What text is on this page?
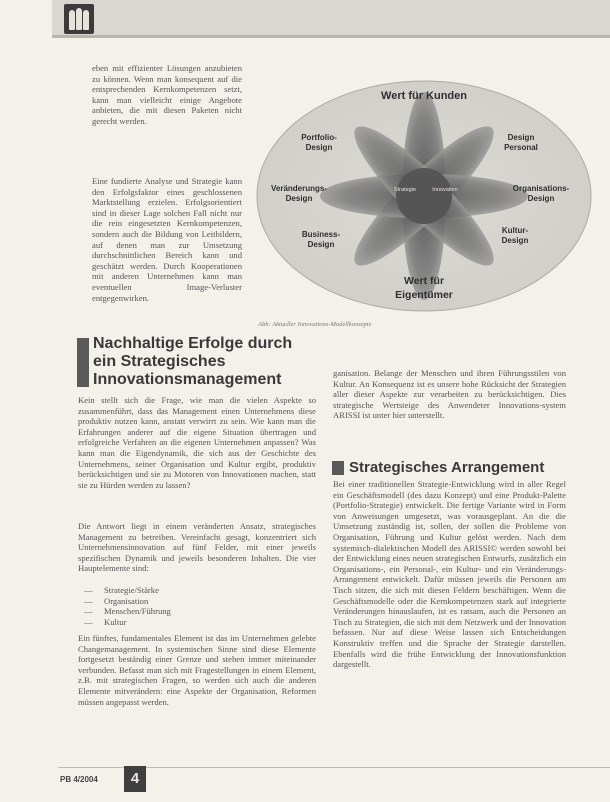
eben mit effizienter Lösungen anzubieten zu können. Wenn man konsequent auf die entsprechenden Kernkompetenzen setzt, kann man vielleicht einige Angebote anbieten, die mit diesen Paketen nicht gerecht werden.
Eine fundierte Analyse und Strategie kann den Erfolgsfaktor eines geschlossenen Marktstellung erzielen. Erfolgsorientiert sind in dieser Lage solchen Fall nicht nur die rein eingesetzten Kernkompetenzen, sondern auch die Bildung von Leitbildern, auf denen man zur Umsetzung durchschnittlichen Bereich kann und geschätzt werden. Durch Kooperationen mit anderen Unternehmen kann man eventuellen Image-Verluster entgegenwirken.
Wert für Kunden
Wert für
Eigentümer
Portfolio-
Design
Veränderungs-
Design
Business-
Design
Design
Personal
Organisations-
Design
Kultur-
Design
Strategie	Innovation
Abb: Aktueller Innovations-Modellkonzepte
Nachhaltige Erfolge durch ein Strategisches Innovationsmanagement
Kein stellt sich die Frage, wie man die vielen Aspekte so zusammenführt, dass das Management einen Unternehmens diese produktiv nutzen kann, anstatt verwirrt zu sein. Wie kann man die Erfahrungen anderer auf die eigene Situation übertragen und erfolgreiche Verfahren an die eigenen Unternehmen anpassen? Was kann man die Eigendynamik, die sich aus der Geschichte des Unternehmens, seiner Organisation und Kultur ergibt, produktiv berücksichtigen und sie zu Motoren von Innovationen machen, statt sie zu Hürden werden zu lassen?
Die Antwort liegt in einem veränderten Ansatz, strategisches Management zu betreiben. Vereinfacht gesagt, konzentriert sich Unternehmensinnovation auf fünf Felder, mit einer jeweils spezifischen Dynamik und jeweils besonderen Inhalten. Die vier Hauptelemente sind:
— Strategie/Stärke
— Organisation
— Menschen/Führung
— Kultur
Ein fünftes, fundamentales Element ist das im Unternehmen gelebte Changemanagement. In systemischen Sinne sind diese Elemente fortgesetzt beständig einer Grenze und stehen immer miteinander verbunden. Befasst man sich mit Fragestellungen in einem Element, z.B. mit strategischen Fragen, so werden sich auch die anderen Elemente mitverändern: eine Aspekte der Organisation, Reformen müssen angepasst werden.
ganisation. Belange der Menschen und ihren Führungsstilen von Kultur. An Konsequenz ist es unsere hohe Rücksicht der Strategien aller dieser Aspekte zur verarbeiten zu berücksichtigen. Dies strategische Wertsteige des Anwendeter Innovations-system ARISSI ist unter hier unterstellt.
Strategisches Arrangement
Bei einer traditionellen Strategie-Entwicklung wird in aller Regel ein Geschäftsmodell (des dazu Konzept) und eine Produkt-Palette (Portfolio-Strategie) entwickelt. Die fertige Variante wird in Form von Anweisungen umgesetzt, was vorausgeplant. An die die Umsetzung zuständig ist, sollen, der sollen die Probleme von Organisation, Führung und Kultur gelöst werden. Nach dem systemisch-dialektischen Modell des ARISSI© werden sowohl bei der Entwicklung eines neuen strategischen Entwurfs, zusätzlich ein Organisations-, ein Personal-, ein Kultur- und ein Veränderungs-Arrangement entwickelt. Dafür müssen jeweils die Personen am Tisch sitzen, die sich mit diesen Feldern beschäftigen. Wenn die Geschäftsmodelle oder die Kernkompetenzen stark auf integrierte Veränderungen hinauslaufen, ist es ratsam, auch die Personen an Tisch zu Strategien, die sich mit dem Netzwerk und der Innovation befassen. Nur auf diese Weise lassen sich Entscheidungen Konstruktiv treffen und die Sprache der Strategie darstellen. Ebenfalls wird die frühe Entwicklung der Innovationsfunktion dargestellt.
PB 4/2004	4
